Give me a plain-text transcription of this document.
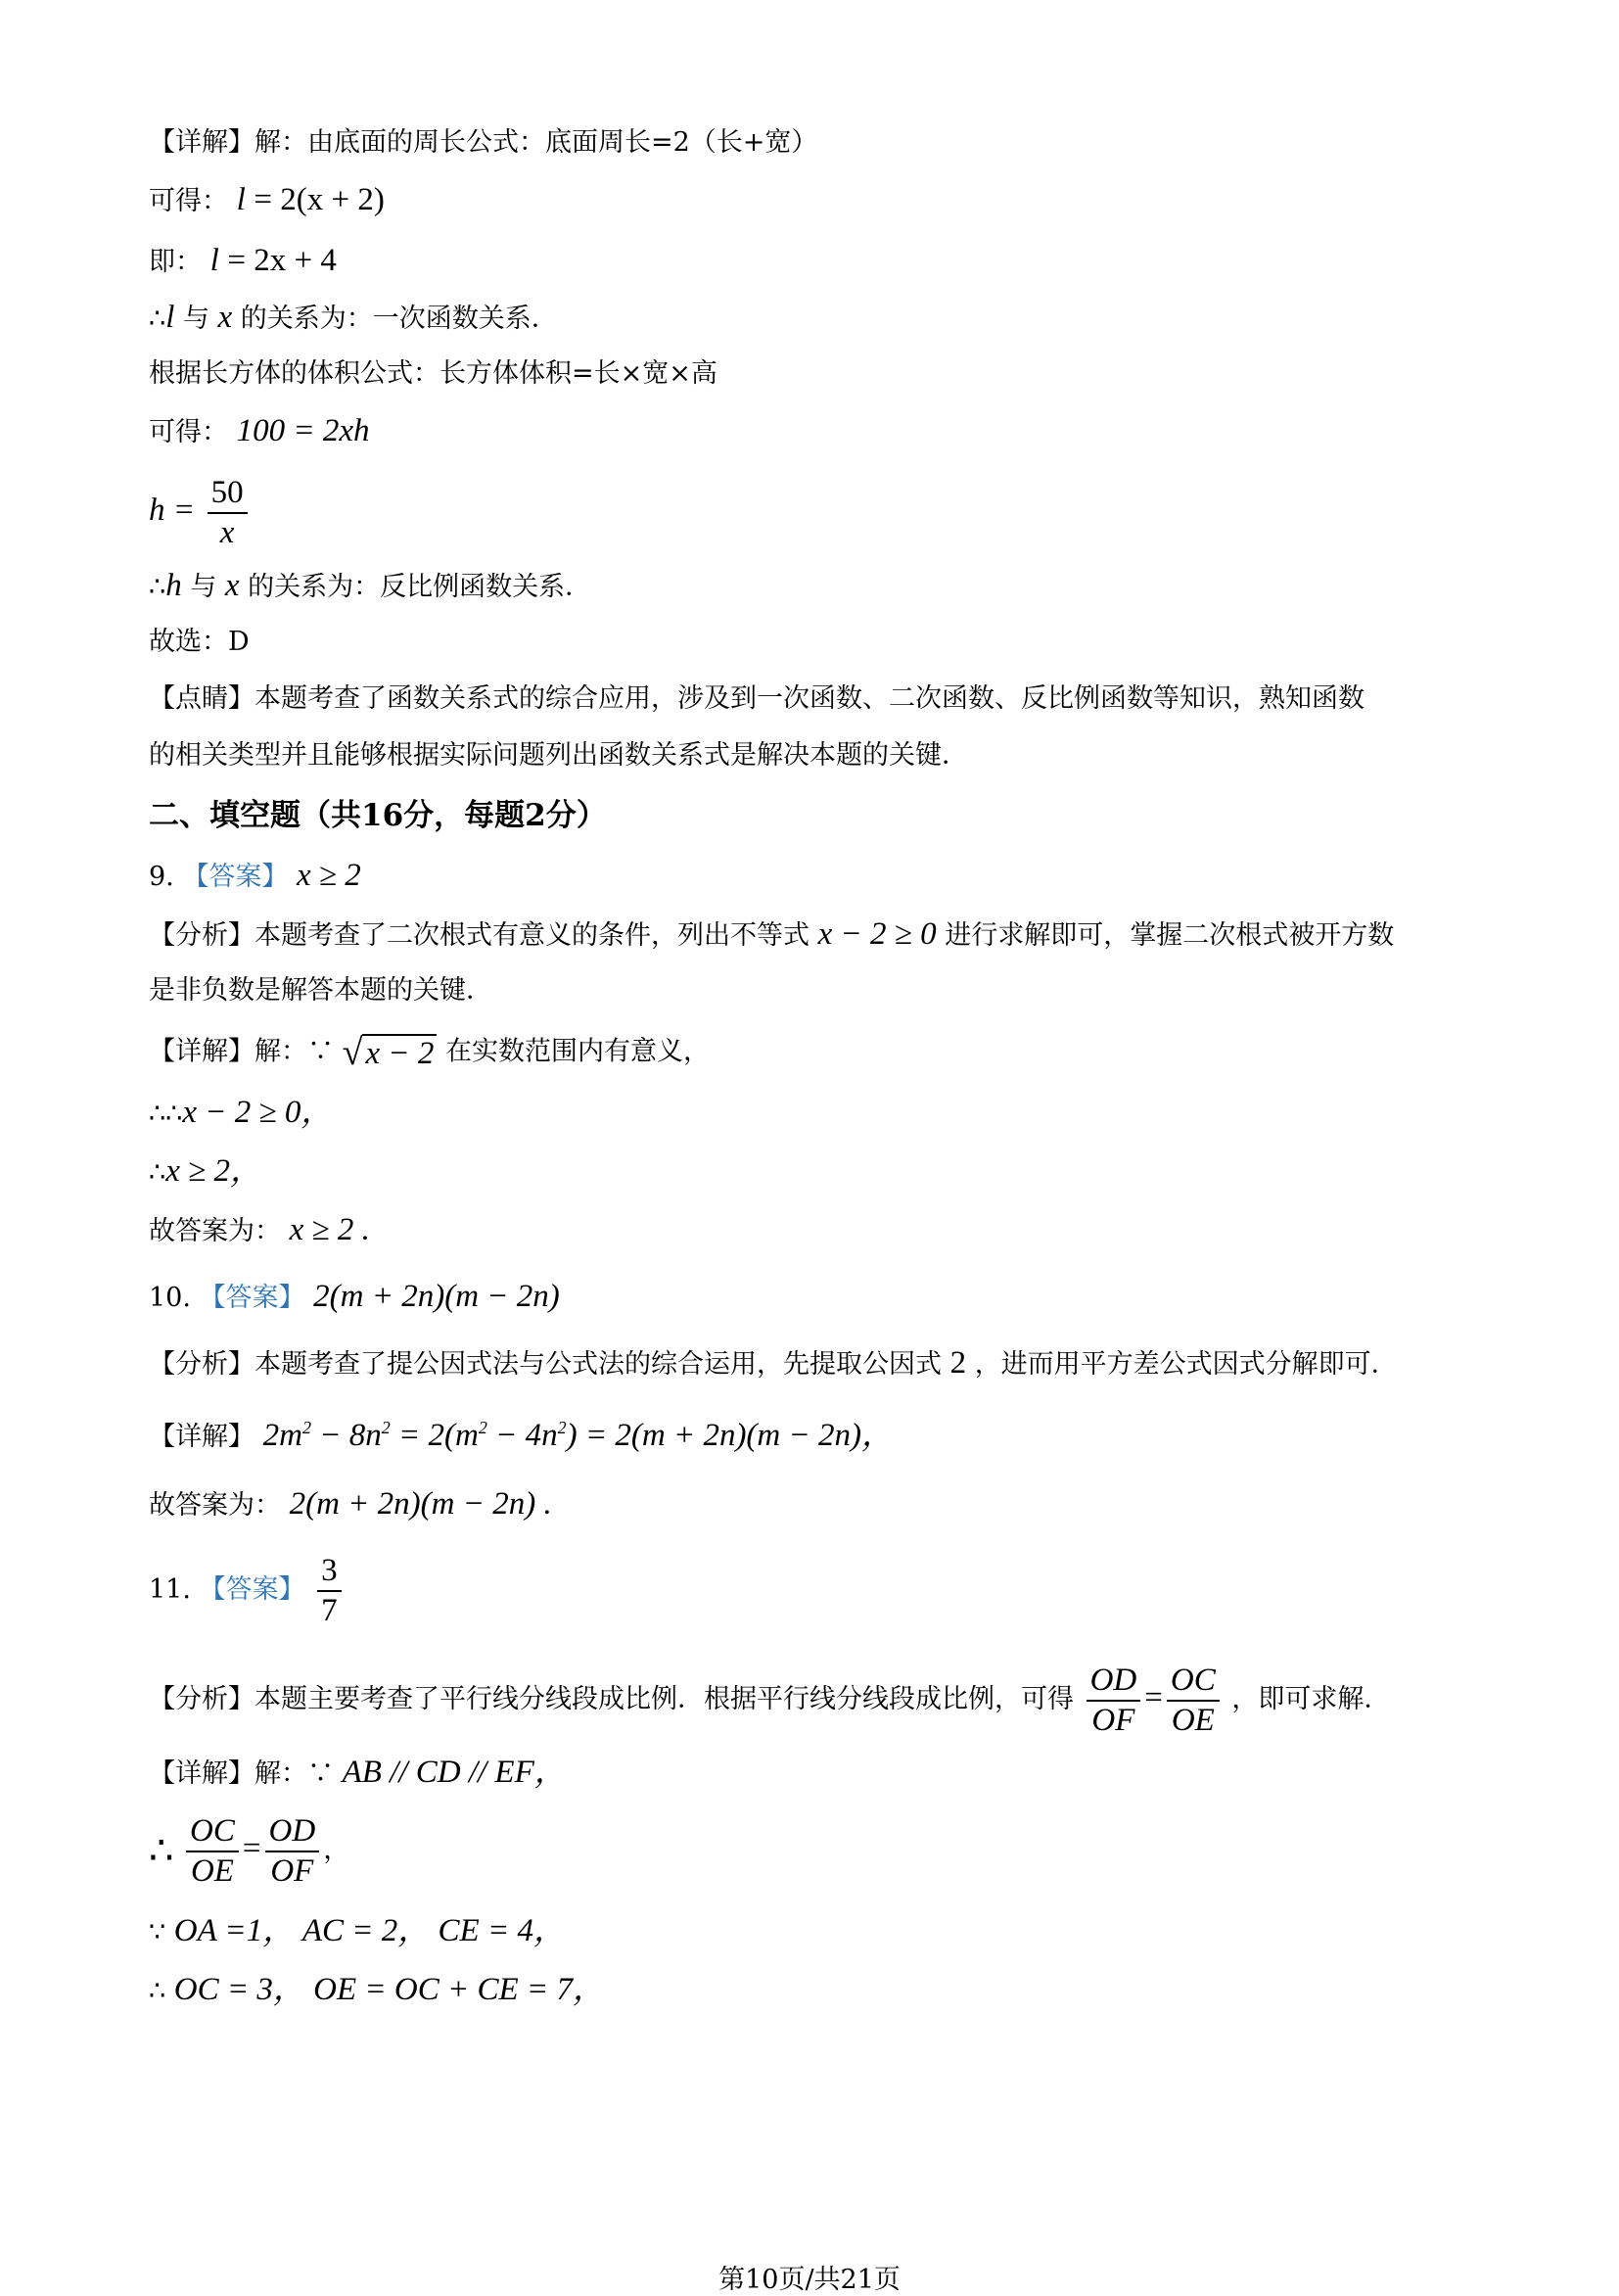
【详解】解：由底面的周长公式：底面周长=2（长+宽）
可得： l = 2(x + 2)
即： l = 2x + 4
∴l 与 x 的关系为：一次函数关系．
根据长方体的体积公式：长方体体积=长×宽×高
可得： 100 = 2xh
$h = \frac{50}{x}$
∴h 与 x 的关系为：反比例函数关系．
故选：D
【点睛】本题考查了函数关系式的综合应用，涉及到一次函数、二次函数、反比例函数等知识，熟知函数
的相关类型并且能够根据实际问题列出函数关系式是解决本题的关键．
二、填空题（共16分，每题2分）
9. 【答案】 x ≥ 2
【分析】本题考查了二次根式有意义的条件，列出不等式 x − 2 ≥ 0 进行求解即可，掌握二次根式被开方数
是非负数是解答本题的关键．
【详解】解：∵ √ x − 2 在实数范围内有意义，
∴∴x − 2 ≥ 0，
∴x ≥ 2，
故答案为： x ≥ 2 .
10. 【答案】 2(m + 2n)(m − 2n)
【分析】本题考查了提公因式法与公式法的综合运用，先提取公因式 2 ，进而用平方差公式因式分解即可．
【详解】 $2m^2 - 8n^2 = 2(m^2 - 4n^2) = 2(m + 2n)(m - 2n)$，
故答案为： 2(m + 2n)(m − 2n) .
11. 【答案】 $\frac{3}{7}$
【分析】本题主要考查了平行线分线段成比例．根据平行线分线段成比例，可得 $\frac{OD}{OF} = \frac{OC}{OE}$ ，即可求解．
【详解】解：∵ AB // CD // EF，
∴ $\frac{OC}{OE} = \frac{OD}{OF}$ ，
∵ OA =1， AC = 2， CE = 4，
∴ OC = 3， OE = OC + CE = 7，
第10页/共21页
